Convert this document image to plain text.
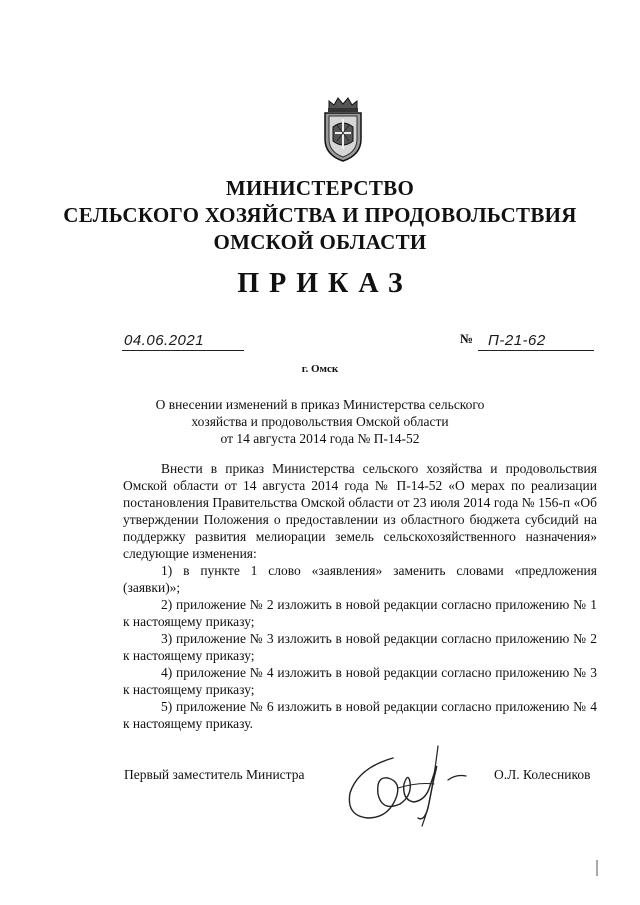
МИНИСТЕРСТВО
СЕЛЬСКОГО ХОЗЯЙСТВА И ПРОДОВОЛЬСТВИЯ
ОМСКОЙ ОБЛАСТИ
ПРИКАЗ
04.06.2021	№ П-21-62
г. Омск
О внесении изменений в приказ Министерства сельского
хозяйства и продовольствия Омской области
от 14 августа 2014 года № П-14-52

Внести в приказ Министерства сельского хозяйства и продовольствия Омской области от 14 августа 2014 года № П-14-52 «О мерах по реализации постановления Правительства Омской области от 23 июля 2014 года № 156-п «Об утверждении Положения о предоставлении из областного бюджета субсидий на поддержку развития мелиорации земель сельскохозяйственного назначения» следующие изменения:

1) в пункте 1 слово «заявления» заменить словами «предложения (заявки)»;

2) приложение № 2 изложить в новой редакции согласно приложению № 1 к настоящему приказу;

3) приложение № 3 изложить в новой редакции согласно приложению № 2 к настоящему приказу;

4) приложение № 4 изложить в новой редакции согласно приложению № 3 к настоящему приказу;

5) приложение № 6 изложить в новой редакции согласно приложению № 4 к настоящему приказу.

Первый заместитель Министра	О.Л. Колесников
